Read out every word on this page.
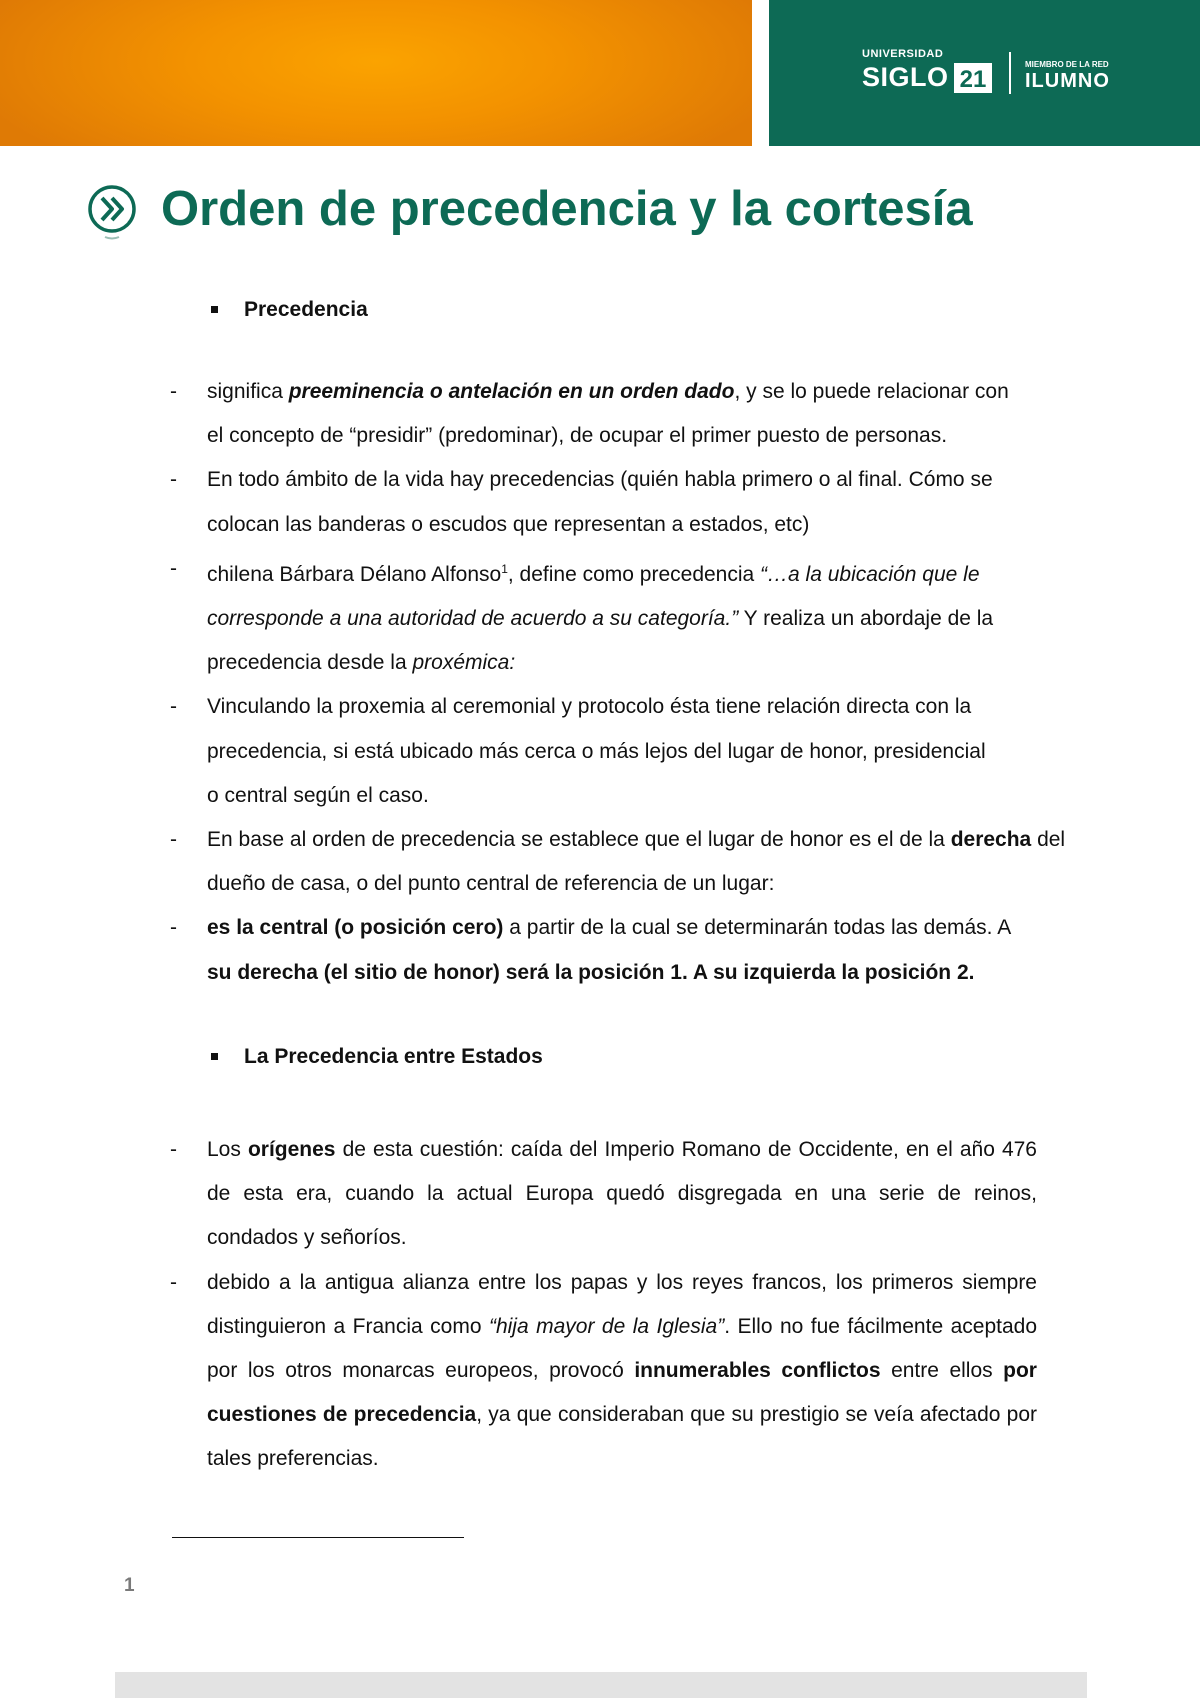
UNIVERSIDAD
SIGLO 21
MIEMBRO DE LA RED
ILUMNO
Orden de precedencia y la cortesía
Precedencia
- significa preeminencia o antelación en un orden dado, y se lo puede relacionar con
el concepto de “presidir” (predominar), de ocupar el primer puesto de personas.
- En todo ámbito de la vida hay precedencias (quién habla primero o al final. Cómo se
colocan las banderas o escudos que representan a estados, etc)
- chilena Bárbara Délano Alfonso$^1$, define como precedencia “…a la ubicación que le
corresponde a una autoridad de acuerdo a su categoría.” Y realiza un abordaje de la
precedencia desde la proxémica:
- Vinculando la proxemia al ceremonial y protocolo ésta tiene relación directa con la
precedencia, si está ubicado más cerca o más lejos del lugar de honor, presidencial
o central según el caso.
- En base al orden de precedencia se establece que el lugar de honor es el de la derecha del
dueño de casa, o del punto central de referencia de un lugar:
- es la central (o posición cero) a partir de la cual se determinarán todas las demás. A
su derecha (el sitio de honor) será la posición 1. A su izquierda la posición 2.
La Precedencia entre Estados
- Los orígenes de esta cuestión: caída del Imperio Romano de Occidente, en el año 476 de esta era, cuando la actual Europa quedó disgregada en una serie de reinos, condados y señoríos.
- debido a la antigua alianza entre los papas y los reyes francos, los primeros siempre distinguieron a Francia como “hija mayor de la Iglesia”. Ello no fue fácilmente aceptado por los otros monarcas europeos, provocó innumerables conflictos entre ellos por cuestiones de precedencia, ya que consideraban que su prestigio se veía afectado por tales preferencias.
1
